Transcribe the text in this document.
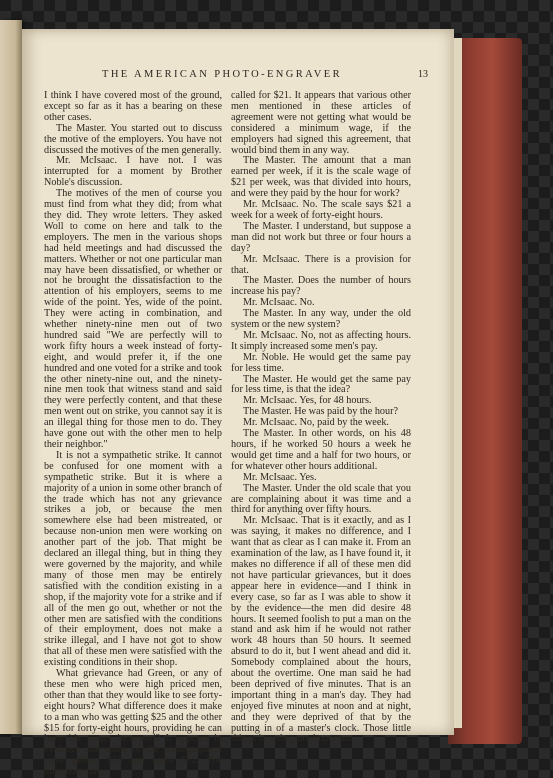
THE AMERICAN PHOTO-ENGRAVER	13

I think I have covered most of the ground, except so far as it has a bearing on these other cases.

The Master. You started out to discuss the motive of the employers. You have not discussed the motives of the men generally.

Mr. McIsaac. I have not. I was interrupted for a moment by Brother Noble's discussion.

The motives of the men of course you must find from what they did; from what they did. They wrote letters. They asked Woll to come on here and talk to the employers. The men in the various shops had held meetings and had discussed the matters. Whether or not one particular man may have been dissatisfied, or whether or not he brought the dissatisfaction to the attention of his employers, seems to me wide of the point. Yes, wide of the point. They were acting in combination, and whether ninety-nine men out of two hundred said "We are perfectly will to work fifty hours a week instead of forty-eight, and would prefer it, if the one hundred and one voted for a strike and took the other ninety-nine out, and the ninety-nine men took that witness stand and said they were perfectly content, and that these men went out on strike, you cannot say it is an illegal thing for those men to do. They have gone out with the other men to help their neighbor."

It is not a sympathetic strike. It cannot be confused for one moment with a sympathetic strike. But it is where a majority of a union in some other branch of the trade which has not any grievance strikes a job, or because the men somewhere else had been mistreated, or because non-union men were working on another part of the job. That might be declared an illegal thing, but in thing they were governed by the majority, and while many of those men may be entirely satisfied with the condition existing in a shop, if the majority vote for a strike and if all of the men go out, whether or not the other men are satisfied with the conditions of their employment, does not make a strike illegal, and I have not got to show that all of these men were satisfied with the existing conditions in their shop.

What grievance had Green, or any of these men who were high priced men, other than that they would like to see forty-eight hours? What difference does it make to a man who was getting $25 and the other $15 for forty-eight hours, providing he can have his wages increased? It appears in evidence that some of the photographers were getting $15 and some $12. The minimum rate

called for $21. It appears that various other men mentioned in these articles of agreement were not getting what would be considered a minimum wage, if the employers had signed this agreement, that would bind them in any way.

The Master. The amount that a man earned per week, if it is the scale wage of $21 per week, was that divided into hours, and were they paid by the hour for work?

Mr. McIsaac. No. The scale says $21 a week for a week of forty-eight hours.

The Master. I understand, but suppose a man did not work but three or four hours a day?

Mr. McIsaac. There is a provision for that.

The Master. Does the number of hours increase his pay?

Mr. McIsaac. No.

The Master. In any way, under the old system or the new system?

Mr. McIsaac. No, not as affecting hours. It simply increased some men's pay.

Mr. Noble. He would get the same pay for less time.

The Master. He would get the same pay for less time, is that the idea?

Mr. McIsaac. Yes, for 48 hours.

The Master. He was paid by the hour?

Mr. McIsaac. No, paid by the week.

The Master. In other words, on his 48 hours, if he worked 50 hours a week he would get time and a half for two hours, or for whatever other hours additional.

Mr. McIsaac. Yes.

The Master. Under the old scale that you are complaining about it was time and a third for anything over fifty hours.

Mr. McIsaac. That is it exactly, and as I was saying, it makes no difference, and I want that as clear as I can make it. From an examination of the law, as I have found it, it makes no difference if all of these men did not have particular grievances, but it does appear here in evidence—and I think in every case, so far as I was able to show it by the evidence—the men did desire 48 hours. It seemed foolish to put a man on the stand and ask him if he would not rather work 48 hours than 50 hours. It seemed absurd to do it, but I went ahead and did it. Somebody complained about the hours, about the overtime. One man said he had been deprived of five minutes. That is an important thing in a man's day. They had enjoyed five minutes at noon and at night, and they were deprived of that by the putting in of a master's clock. Those little things in a shop are important.
